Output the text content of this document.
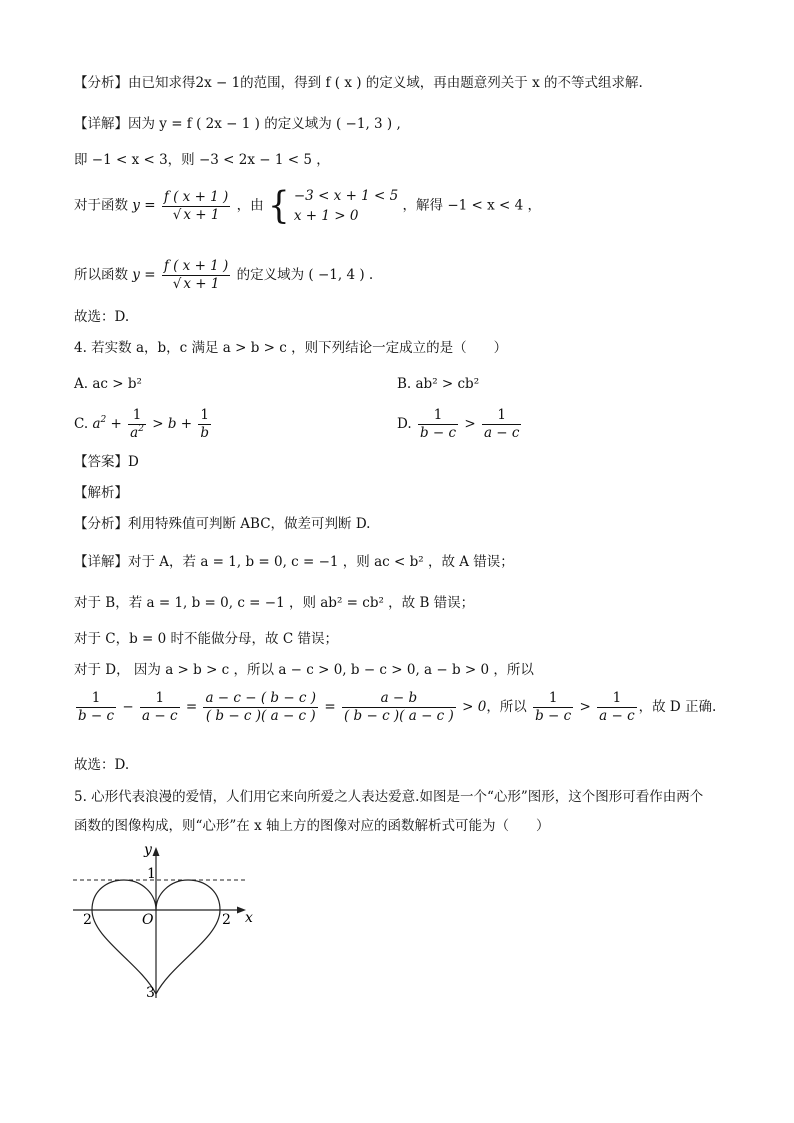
【分析】由已知求得2x − 1的范围，得到 f ( x ) 的定义域，再由题意列关于 x 的不等式组求解.
【详解】因为 y = f ( 2x − 1 ) 的定义域为 ( −1, 3 ) ,
即 −1 < x < 3，则 −3 < 2x − 1 < 5 ，
对于函数 $y = \frac{f ( x + 1 )}{√ x + 1}$ ，由 { −3 < x + 1 < 5
x + 1 > 0
，解得 −1 < x < 4 ，
所以函数 $y = \frac{f ( x + 1 )}{√ x + 1}$ 的定义域为 ( −1, 4 ) .
故选：D.
4. 若实数 a，b，c 满足 a > b > c ，则下列结论一定成立的是（　　）
A. ac > b²	B. ab² > cb²
C. $a^2 + \frac{1}{a^2} > b + \frac{1}{b}$	D. $\frac{1}{b - c} > \frac{1}{a - c}$
【答案】D
【解析】
【分析】利用特殊值可判断 ABC，做差可判断 D.
【详解】对于 A，若 a = 1, b = 0, c = −1 ，则 ac < b² ，故 A 错误；
对于 B，若 a = 1, b = 0, c = −1 ，则 ab² = cb² ，故 B 错误；
对于 C，b = 0 时不能做分母，故 C 错误；
对于 D， 因为 a > b > c ，所以 a − c > 0, b − c > 0, a − b > 0 ，所以
$\frac{1}{b - c} - \frac{1}{a - c} = \frac{a - c - ( b - c )}{( b - c )( a - c )} = \frac{a - b}{( b - c )( a - c )} > 0$，所以 $\frac{1}{b - c} > \frac{1}{a - c}$ ，故 D 正确.
故选：D.
5. 心形代表浪漫的爱情，人们用它来向所爱之人表达爱意.如图是一个“心形”图形，这个图形可看作由两个
函数的图像构成，则“心形”在 x 轴上方的图像对应的函数解析式可能为（　　）
y
x
1
O
2	2
3
